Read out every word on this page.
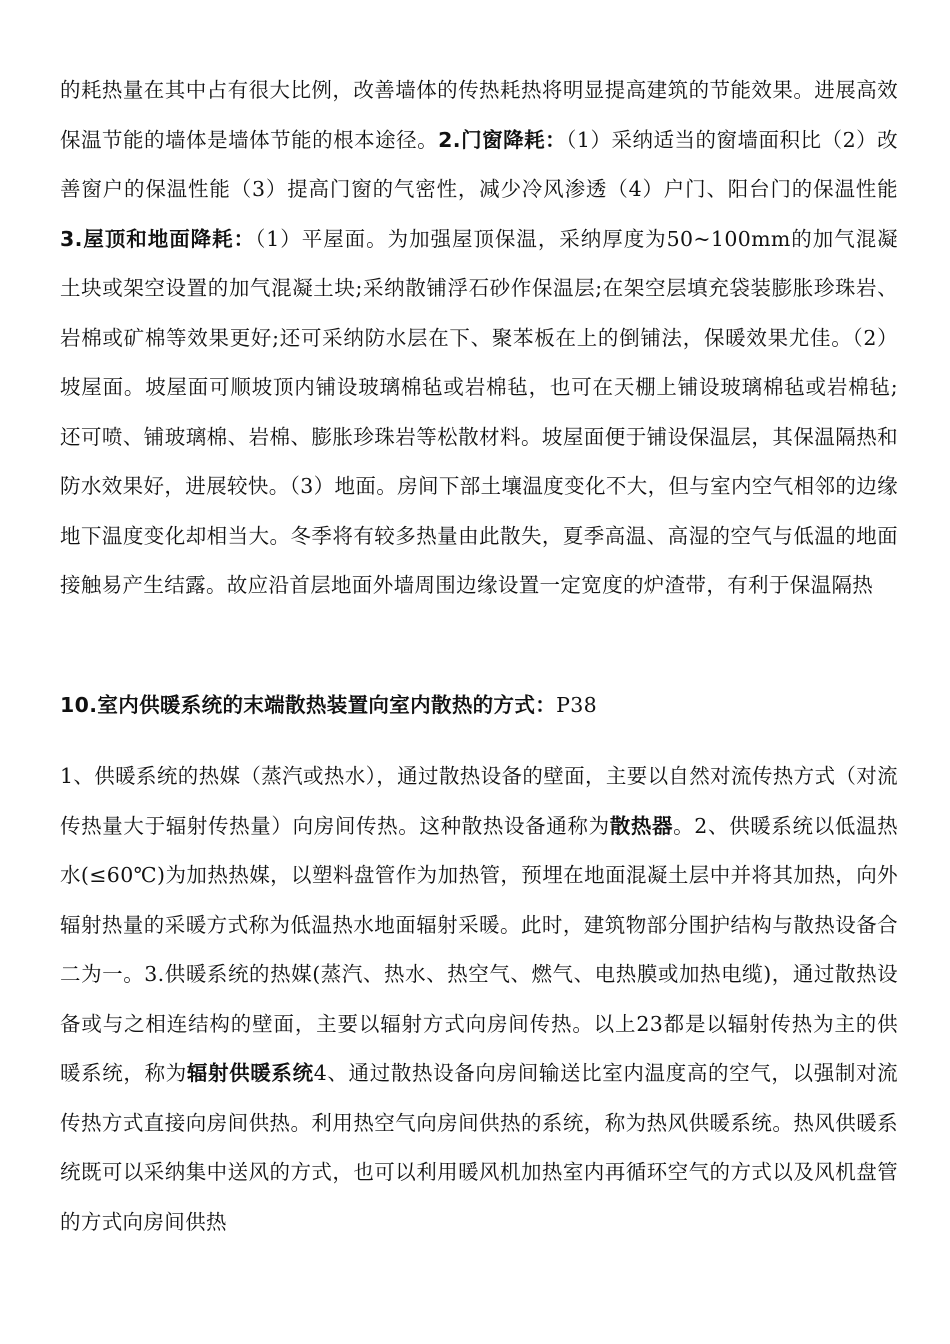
的耗热量在其中占有很大比例，改善墙体的传热耗热将明显提高建筑的节能效果。进展高效保温节能的墙体是墙体节能的根本途径。2.门窗降耗：（1）采纳适当的窗墙面积比（2）改善窗户的保温性能（3）提高门窗的气密性，减少冷风渗透（4）户门、阳台门的保温性能3.屋顶和地面降耗：（1）平屋面。为加强屋顶保温，采纳厚度为50~100mm的加气混凝土块或架空设置的加气混凝土块;采纳散铺浮石砂作保温层;在架空层填充袋装膨胀珍珠岩、岩棉或矿棉等效果更好;还可采纳防水层在下、聚苯板在上的倒铺法，保暖效果尤佳。（2）坡屋面。坡屋面可顺坡顶内铺设玻璃棉毡或岩棉毡，也可在天棚上铺设玻璃棉毡或岩棉毡;还可喷、铺玻璃棉、岩棉、膨胀珍珠岩等松散材料。坡屋面便于铺设保温层，其保温隔热和防水效果好，进展较快。（3）地面。房间下部土壤温度变化不大，但与室内空气相邻的边缘地下温度变化却相当大。冬季将有较多热量由此散失，夏季高温、高湿的空气与低温的地面接触易产生结露。故应沿首层地面外墙周围边缘设置一定宽度的炉渣带，有利于保温隔热
10.室内供暖系统的末端散热装置向室内散热的方式：P38
1、供暖系统的热媒（蒸汽或热水），通过散热设备的壁面，主要以自然对流传热方式（对流传热量大于辐射传热量）向房间传热。这种散热设备通称为散热器。2、供暖系统以低温热水(≤60℃)为加热热媒，以塑料盘管作为加热管，预埋在地面混凝土层中并将其加热，向外辐射热量的采暖方式称为低温热水地面辐射采暖。此时，建筑物部分围护结构与散热设备合二为一。3.供暖系统的热媒(蒸汽、热水、热空气、燃气、电热膜或加热电缆)，通过散热设备或与之相连结构的壁面，主要以辐射方式向房间传热。以上23都是以辐射传热为主的供暖系统，称为辐射供暖系统4、通过散热设备向房间输送比室内温度高的空气，以强制对流传热方式直接向房间供热。利用热空气向房间供热的系统，称为热风供暖系统。热风供暖系统既可以采纳集中送风的方式，也可以利用暖风机加热室内再循环空气的方式以及风机盘管的方式向房间供热
